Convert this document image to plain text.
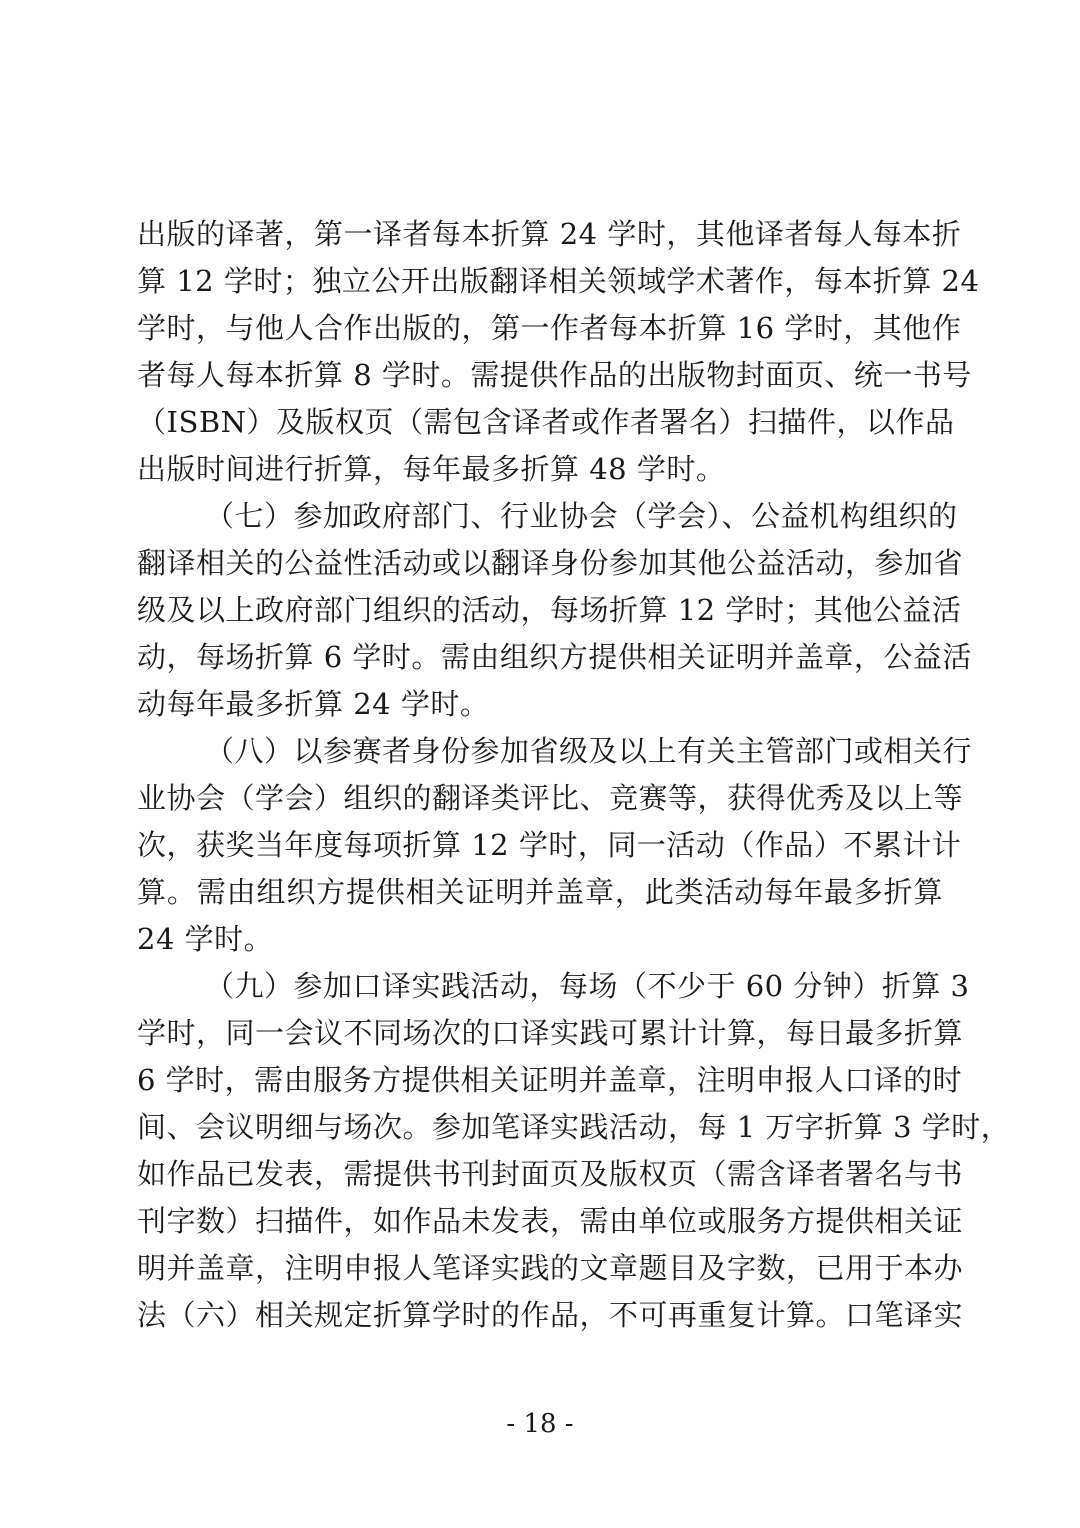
出版的译著，第一译者每本折算 24 学时，其他译者每人每本折
算 12 学时；独立公开出版翻译相关领域学术著作，每本折算 24
学时，与他人合作出版的，第一作者每本折算 16 学时，其他作
者每人每本折算 8 学时。需提供作品的出版物封面页、统一书号
（ISBN）及版权页（需包含译者或作者署名）扫描件，以作品
出版时间进行折算，每年最多折算 48 学时。
（七）参加政府部门、行业协会（学会）、公益机构组织的
翻译相关的公益性活动或以翻译身份参加其他公益活动，参加省
级及以上政府部门组织的活动，每场折算 12 学时；其他公益活
动，每场折算 6 学时。需由组织方提供相关证明并盖章，公益活
动每年最多折算 24 学时。
（八）以参赛者身份参加省级及以上有关主管部门或相关行
业协会（学会）组织的翻译类评比、竞赛等，获得优秀及以上等
次，获奖当年度每项折算 12 学时，同一活动（作品）不累计计
算。需由组织方提供相关证明并盖章，此类活动每年最多折算
24 学时。
（九）参加口译实践活动，每场（不少于 60 分钟）折算 3
学时，同一会议不同场次的口译实践可累计计算，每日最多折算
6 学时，需由服务方提供相关证明并盖章，注明申报人口译的时
间、会议明细与场次。参加笔译实践活动，每 1 万字折算 3 学时，
如作品已发表，需提供书刊封面页及版权页（需含译者署名与书
刊字数）扫描件，如作品未发表，需由单位或服务方提供相关证
明并盖章，注明申报人笔译实践的文章题目及字数，已用于本办
法（六）相关规定折算学时的作品，不可再重复计算。口笔译实
- 18 -
